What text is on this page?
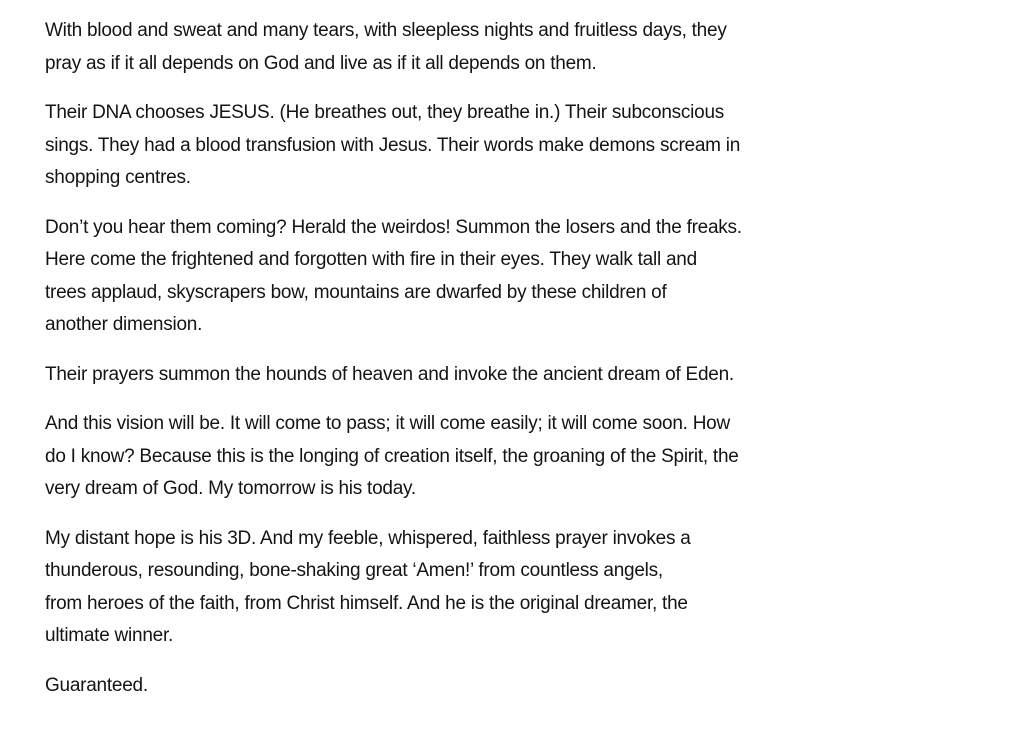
With blood and sweat and many tears, with sleepless nights and fruitless days, they
pray as if it all depends on God and live as if it all depends on them.

Their DNA chooses JESUS. (He breathes out, they breathe in.) Their subconscious
sings. They had a blood transfusion with Jesus. Their words make demons scream in
shopping centres.

Don’t you hear them coming? Herald the weirdos! Summon the losers and the freaks.
Here come the frightened and forgotten with fire in their eyes. They walk tall and
trees applaud, skyscrapers bow, mountains are dwarfed by these children of
another dimension.

Their prayers summon the hounds of heaven and invoke the ancient dream of Eden.

And this vision will be. It will come to pass; it will come easily; it will come soon. How
do I know? Because this is the longing of creation itself, the groaning of the Spirit, the
very dream of God. My tomorrow is his today.

My distant hope is his 3D. And my feeble, whispered, faithless prayer invokes a
thunderous, resounding, bone-shaking great ‘Amen!’ from countless angels,
from heroes of the faith, from Christ himself. And he is the original dreamer, the
ultimate winner.

Guaranteed.
